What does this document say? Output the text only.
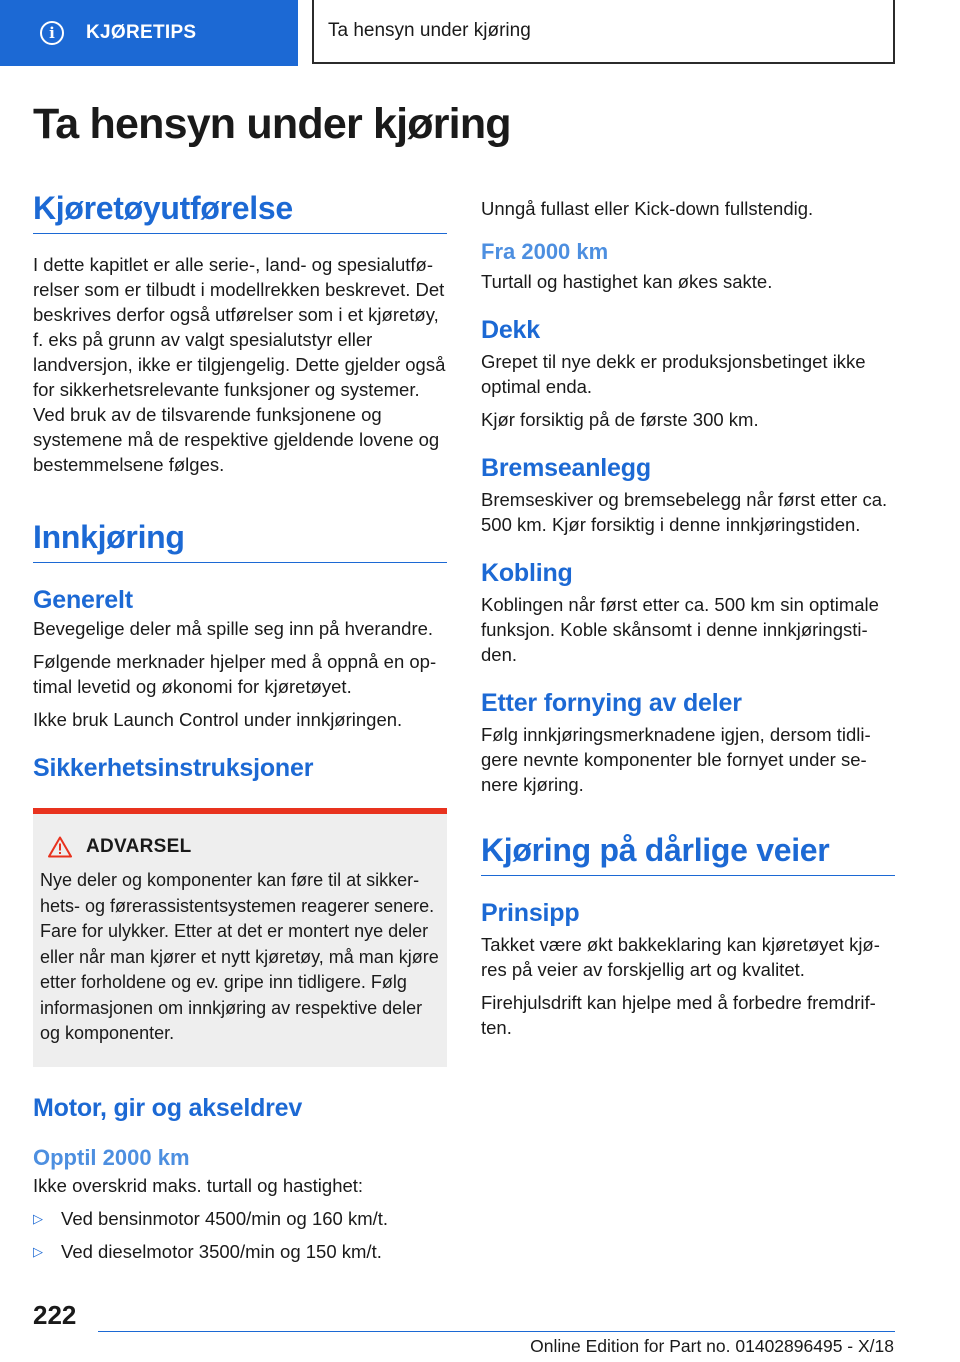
i	KJØRETIPS	Ta hensyn under kjøring
Ta hensyn under kjøring
Kjøretøyutførelse

I dette kapitlet er alle serie-, land- og spesialutførelser som er tilbudt i modellrekken beskrevet. Det beskrives derfor også utførelser som i et kjøretøy, f. eks på grunn av valgt spesialutstyr eller landversjon, ikke er tilgjengelig. Dette gjelder også for sikkerhetsrelevante funksjoner og systemer. Ved bruk av de tilsvarende funksjonene og systemene må de respektive gjeldende lovene og bestemmelsene følges.

Innkjøring
Generelt

Bevegelige deler må spille seg inn på hverandre.

Følgende merknader hjelper med å oppnå en optimal levetid og økonomi for kjøretøyet.

Ikke bruk Launch Control under innkjøringen.

Sikkerhetsinstruksjoner
ADVARSEL

Nye deler og komponenter kan føre til at sikkerhets- og førerassistentsystemen reagerer senere. Fare for ulykker. Etter at det er montert nye deler eller når man kjører et nytt kjøretøy, må man kjøre etter forholdene og ev. gripe inn tidligere. Følg informasjonen om innkjøring av respektive deler og komponenter.

Motor, gir og akseldrev
Opptil 2000 km

Ikke overskrid maks. turtall og hastighet:

▷ Ved bensinmotor 4500/min og 160 km/t.
▷ Ved dieselmotor 3500/min og 150 km/t.

Unngå fullast eller Kick-down fullstendig.

Fra 2000 km

Turtall og hastighet kan økes sakte.

Dekk

Grepet til nye dekk er produksjonsbetinget ikke optimal enda.

Kjør forsiktig på de første 300 km.

Bremseanlegg

Bremseskiver og bremsebelegg når først etter ca. 500 km. Kjør forsiktig i denne innkjøringstiden.

Kobling

Koblingen når først etter ca. 500 km sin optimale funksjon. Koble skånsomt i denne innkjøringstiden.

Etter fornying av deler

Følg innkjøringsmerknadene igjen, dersom tidligere nevnte komponenter ble fornyet under senere kjøring.

Kjøring på dårlige veier
Prinsipp

Takket være økt bakkeklaring kan kjøretøyet kjøres på veier av forskjellig art og kvalitet.

Firehjulsdrift kan hjelpe med å forbedre fremdriften.

222
Online Edition for Part no. 01402896495 - X/18
